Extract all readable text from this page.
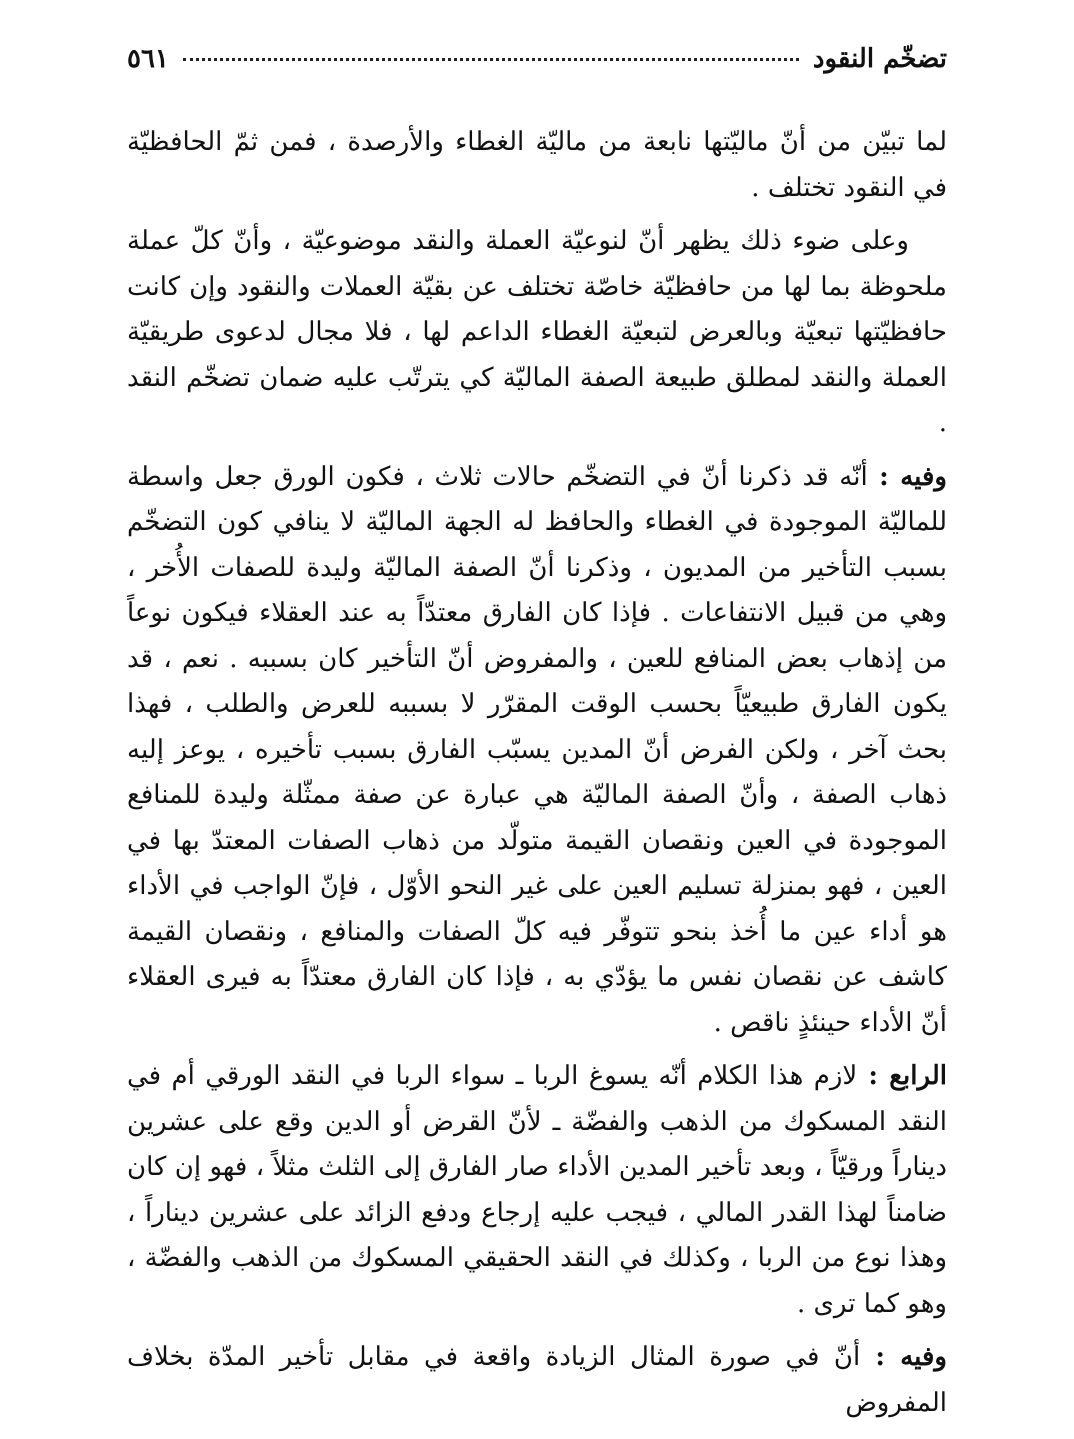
تضخّم النقود
٥٦١

لما تبيّن من أنّ ماليّتها نابعة من ماليّة الغطاء والأرصدة ، فمن ثمّ الحافظيّة في النقود تختلف .

وعلى ضوء ذلك يظهر أنّ لنوعيّة العملة والنقد موضوعيّة ، وأنّ كلّ عملة ملحوظة بما لها من حافظيّة خاصّة تختلف عن بقيّة العملات والنقود وإن كانت حافظيّتها تبعيّة وبالعرض لتبعيّة الغطاء الداعم لها ، فلا مجال لدعوى طريقيّة العملة والنقد لمطلق طبيعة الصفة الماليّة كي يترتّب عليه ضمان تضخّم النقد .

وفيه : أنّه قد ذكرنا أنّ في التضخّم حالات ثلاث ، فكون الورق جعل واسطة للماليّة الموجودة في الغطاء والحافظ له الجهة الماليّة لا ينافي كون التضخّم بسبب التأخير من المديون ، وذكرنا أنّ الصفة الماليّة وليدة للصفات الأُخر ، وهي من قبيل الانتفاعات . فإذا كان الفارق معتدّاً به عند العقلاء فيكون نوعاً من إذهاب بعض المنافع للعين ، والمفروض أنّ التأخير كان بسببه . نعم ، قد يكون الفارق طبيعيّاً بحسب الوقت المقرّر لا بسببه للعرض والطلب ، فهذا بحث آخر ، ولكن الفرض أنّ المدين يسبّب الفارق بسبب تأخيره ، يوعز إليه ذهاب الصفة ، وأنّ الصفة الماليّة هي عبارة عن صفة ممثّلة وليدة للمنافع الموجودة في العين ونقصان القيمة متولّد من ذهاب الصفات المعتدّ بها في العين ، فهو بمنزلة تسليم العين على غير النحو الأوّل ، فإنّ الواجب في الأداء هو أداء عين ما أُخذ بنحو تتوفّر فيه كلّ الصفات والمنافع ، ونقصان القيمة كاشف عن نقصان نفس ما يؤدّي به ، فإذا كان الفارق معتدّاً به فيرى العقلاء أنّ الأداء حينئذٍ ناقص .

الرابع : لازم هذا الكلام أنّه يسوغ الربا ـ سواء الربا في النقد الورقي أم في النقد المسكوك من الذهب والفضّة ـ لأنّ القرض أو الدين وقع على عشرين ديناراً ورقيّاً ، وبعد تأخير المدين الأداء صار الفارق إلى الثلث مثلاً ، فهو إن كان ضامناً لهذا القدر المالي ، فيجب عليه إرجاع ودفع الزائد على عشرين ديناراً ، وهذا نوع من الربا ، وكذلك في النقد الحقيقي المسكوك من الذهب والفضّة ، وهو كما ترى .

وفيه : أنّ في صورة المثال الزيادة واقعة في مقابل تأخير المدّة بخلاف المفروض
